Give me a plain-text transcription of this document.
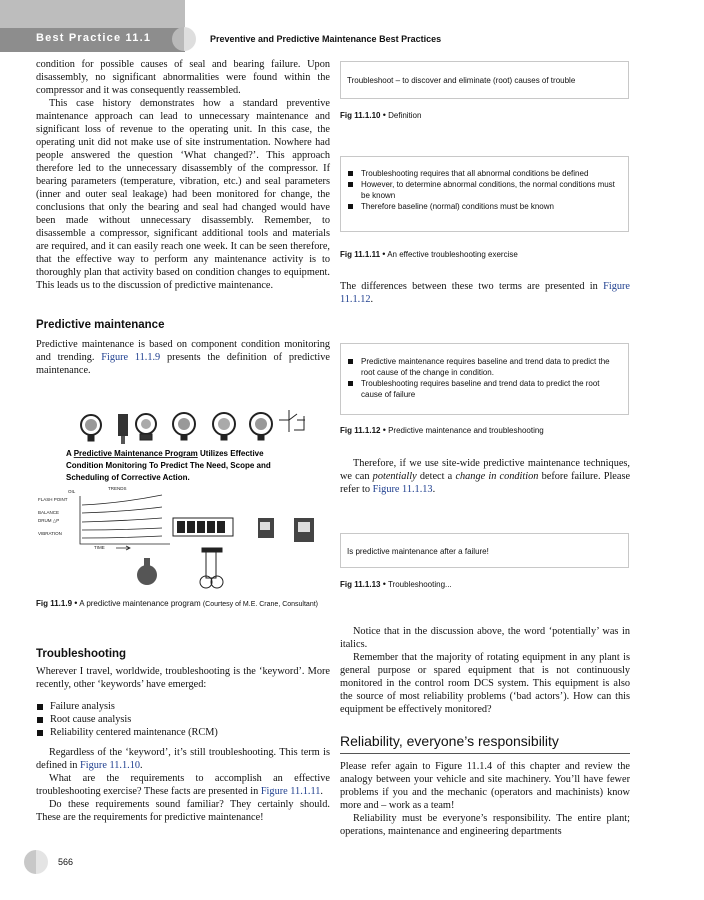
Best Practice 11.1	Preventive and Predictive Maintenance Best Practices

condition for possible causes of seal and bearing failure. Upon disassembly, no significant abnormalities were found within the compressor and it was consequently reassembled.

This case history demonstrates how a standard preventive maintenance approach can lead to unnecessary maintenance and significant loss of revenue to the operating unit. In this case, the operating unit did not make use of site instrumentation. Nowhere had people answered the question ‘What changed?’. This approach therefore led to the unnecessary disassembly of the compressor. If bearing parameters (temperature, vibration, etc.) and seal parameters (inner and outer seal leakage) had been monitored for change, the conclusions that only the bearing and seal had changed would have been made without unnecessary disassembly. Remember, to disassemble a compressor, significant additional tools and materials are required, and it can easily reach one week. It can be seen therefore, that the effective way to perform any maintenance activity is to thoroughly plan that activity based on condition changes to equipment. This leads us to the discussion of predictive maintenance.

Predictive maintenance

Predictive maintenance is based on component condition monitoring and trending. Figure 11.1.9 presents the definition of predictive maintenance.

A Predictive Maintenance Program Utilizes Effective
Condition Monitoring To Predict The Need, Scope and
Scheduling of Corrective Action.
TRENDS
OIL
FLASH POINT
BALANCE
DRUM △P
VIBRATION
TIME
Fig 11.1.9 • A predictive maintenance program (Courtesy of M.E. Crane, Consultant)
Troubleshooting

Wherever I travel, worldwide, troubleshooting is the ‘keyword’. More recently, other ‘keywords’ have emerged:

Failure analysis
Root cause analysis
Reliability centered maintenance (RCM)

Regardless of the ‘keyword’, it’s still troubleshooting. This term is defined in Figure 11.1.10.

What are the requirements to accomplish an effective troubleshooting exercise? These facts are presented in Figure 11.1.11.

Do these requirements sound familiar? They certainly should. These are the requirements for predictive maintenance!

Troubleshoot – to discover and eliminate (root) causes of trouble
Fig 11.1.10 • Definition
Troubleshooting requires that all abnormal conditions be defined
However, to determine abnormal conditions, the normal conditions must be known
Therefore baseline (normal) conditions must be known
Fig 11.1.11 • An effective troubleshooting exercise

The differences between these two terms are presented in Figure 11.1.12.

Predictive maintenance requires baseline and trend data to predict the root cause of the change in condition.
Troubleshooting requires baseline and trend data to predict the root cause of failure
Fig 11.1.12 • Predictive maintenance and troubleshooting

Therefore, if we use site-wide predictive maintenance techniques, we can potentially detect a change in condition before failure. Please refer to Figure 11.1.13.

Is predictive maintenance after a failure!
Fig 11.1.13 • Troubleshooting...

Notice that in the discussion above, the word ‘potentially’ was in italics.

Remember that the majority of rotating equipment in any plant is general purpose or spared equipment that is not continuously monitored in the control room DCS system. This equipment is also the source of most reliability problems (‘bad actors’). How can this equipment be effectively monitored?

Reliability, everyone’s responsibility

Please refer again to Figure 11.1.4 of this chapter and review the analogy between your vehicle and site machinery. You’ll have fewer problems if you and the mechanic (operators and machinists) know more and – work as a team!

Reliability must be everyone’s responsibility. The entire plant; operations, maintenance and engineering departments

566
